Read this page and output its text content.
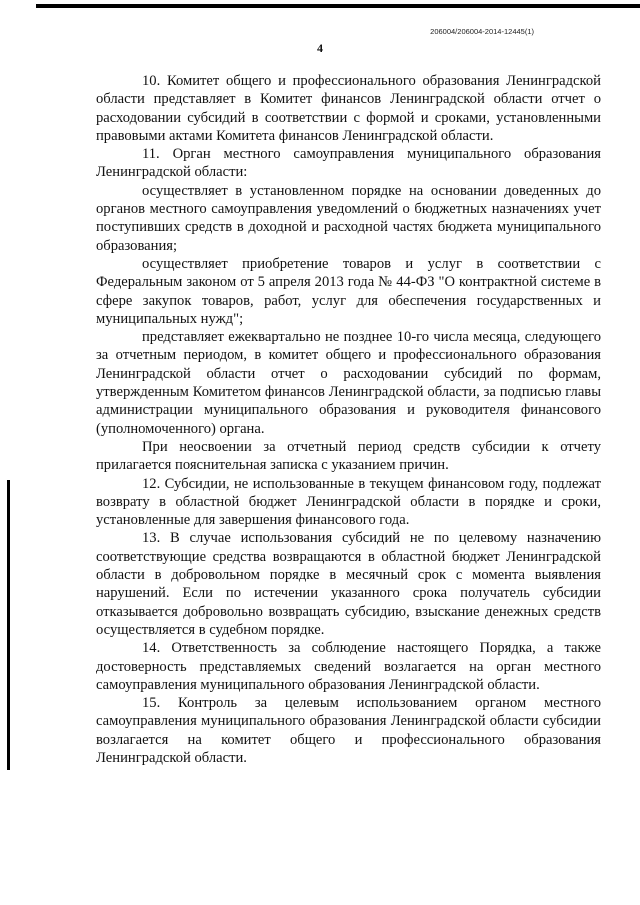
206004/206004-2014-12445(1)
4

10. Комитет общего и профессионального образования Ленинградской области представляет в Комитет финансов Ленинградской области отчет о расходовании субсидий в соответствии с формой и сроками, установленными правовыми актами Комитета финансов Ленинградской области.

11. Орган местного самоуправления муниципального образования Ленинградской области:

осуществляет в установленном порядке на основании доведенных до органов местного самоуправления уведомлений о бюджетных назначениях учет поступивших средств в доходной и расходной частях бюджета муниципального образования;

осуществляет приобретение товаров и услуг в соответствии с Федеральным законом от 5 апреля 2013 года № 44-ФЗ "О контрактной системе в сфере закупок товаров, работ, услуг для обеспечения государственных и муниципальных нужд";

представляет ежеквартально не позднее 10-го числа месяца, следующего за отчетным периодом, в комитет общего и профессионального образования Ленинградской области отчет о расходовании субсидий по формам, утвержденным Комитетом финансов Ленинградской области, за подписью главы администрации муниципального образования и руководителя финансового (уполномоченного) органа.

При неосвоении за отчетный период средств субсидии к отчету прилагается пояснительная записка с указанием причин.

12. Субсидии, не использованные в текущем финансовом году, подлежат возврату в областной бюджет Ленинградской области в порядке и сроки, установленные для завершения финансового года.

13. В случае использования субсидий не по целевому назначению соответствующие средства возвращаются в областной бюджет Ленинградской области в добровольном порядке в месячный срок с момента выявления нарушений. Если по истечении указанного срока получатель субсидии отказывается добровольно возвращать субсидию, взыскание денежных средств осуществляется в судебном порядке.

14. Ответственность за соблюдение настоящего Порядка, а также достоверность представляемых сведений возлагается на орган местного самоуправления муниципального образования Ленинградской области.

15. Контроль за целевым использованием органом местного самоуправления муниципального образования Ленинградской области субсидии возлагается на комитет общего и профессионального образования Ленинградской области.
